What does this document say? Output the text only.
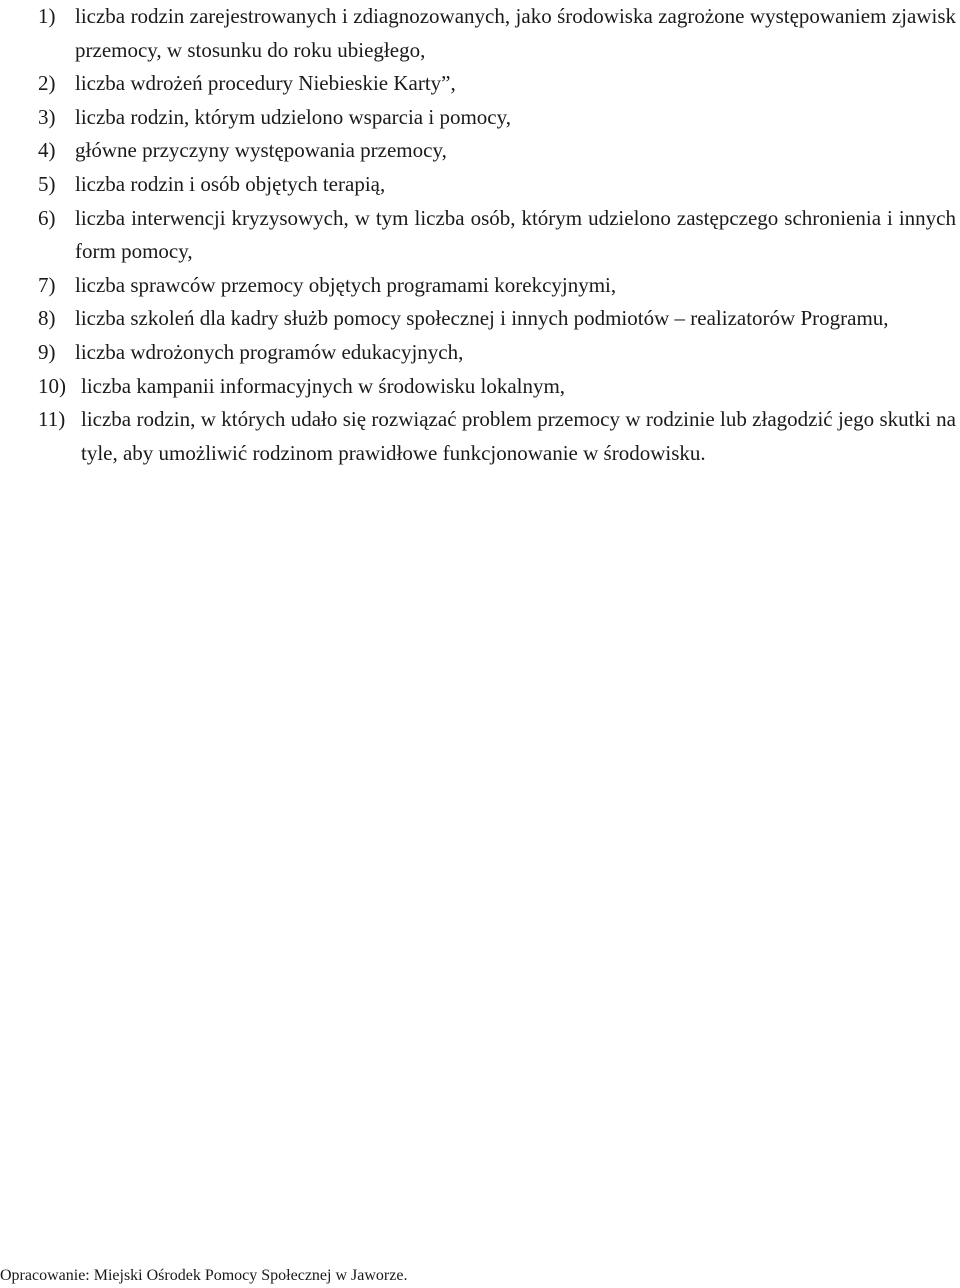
1) liczba rodzin zarejestrowanych i zdiagnozowanych, jako środowiska zagrożone występowaniem zjawisk przemocy, w stosunku do roku ubiegłego,
2) liczba wdrożeń procedury Niebieskie Karty”,
3) liczba rodzin, którym udzielono wsparcia i pomocy,
4) główne przyczyny występowania przemocy,
5) liczba rodzin i osób objętych terapią,
6) liczba interwencji kryzysowych, w tym liczba osób, którym udzielono zastępczego schronienia i innych form pomocy,
7) liczba sprawców przemocy objętych programami korekcyjnymi,
8) liczba szkoleń dla kadry służb pomocy społecznej i innych podmiotów – realizatorów Programu,
9) liczba wdrożonych programów edukacyjnych,
10) liczba kampanii informacyjnych w środowisku lokalnym,
11) liczba rodzin, w których udało się rozwiązać problem przemocy w rodzinie lub złagodzić jego skutki na tyle, aby umożliwić rodzinom prawidłowe funkcjonowanie w środowisku.
Opracowanie: Miejski Ośrodek Pomocy Społecznej w Jaworze.
